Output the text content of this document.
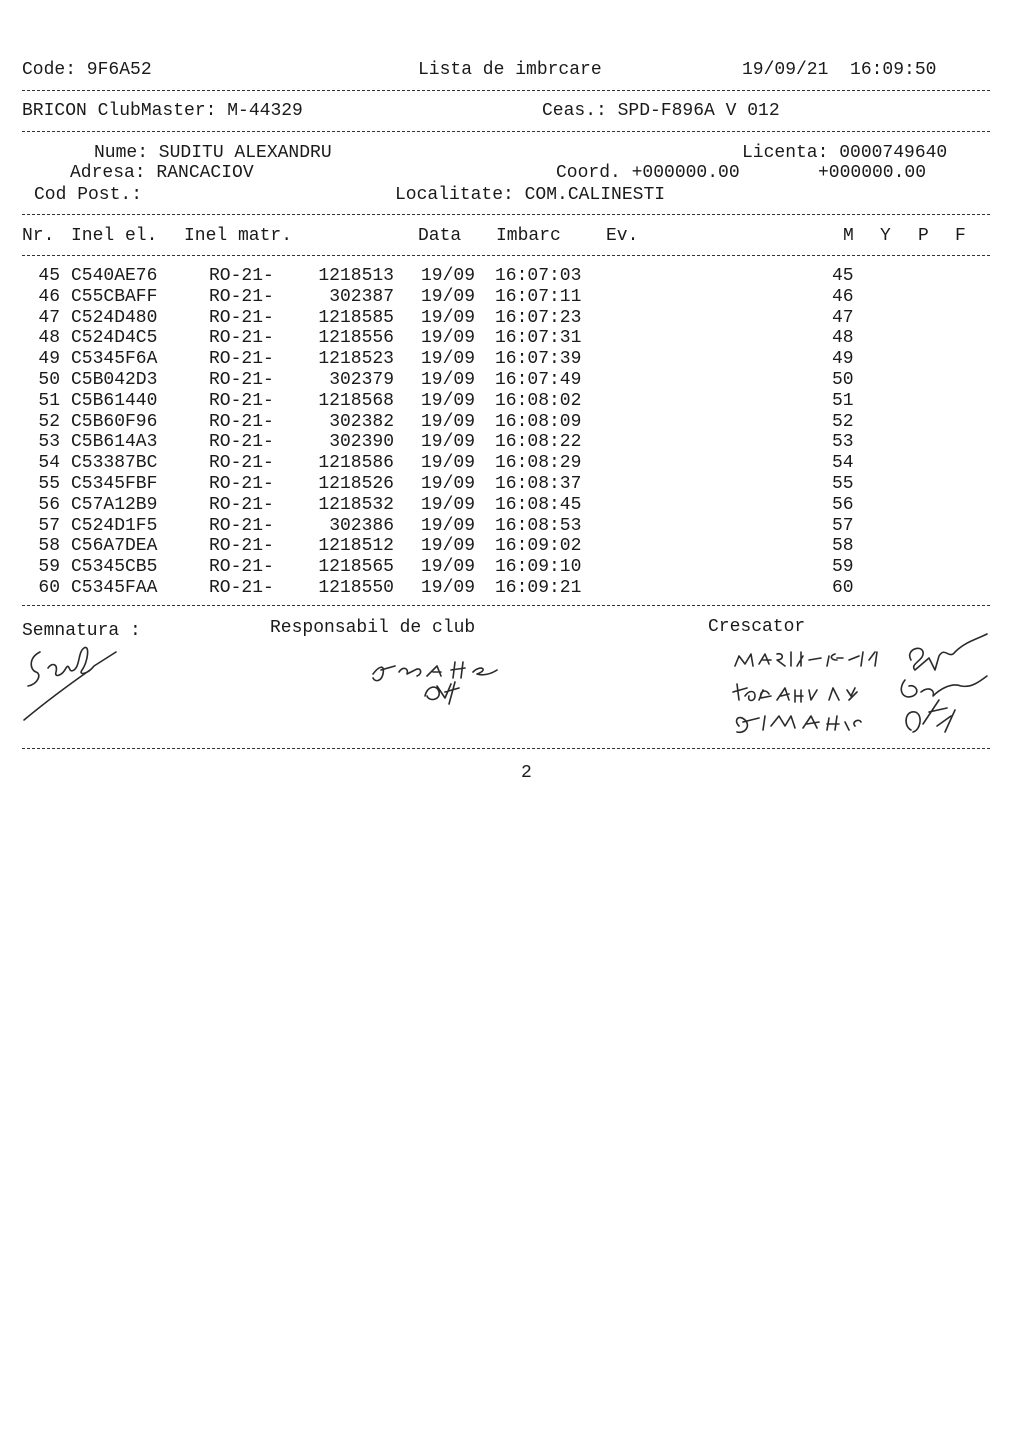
Code: 9F6A52	Lista de imbrcare	19/09/21  16:09:50
BRICON ClubMaster: M-44329	Ceas.: SPD-F896A V 012
Nume: SUDITU ALEXANDRU	Licenta: 0000749640
Adresa: RANCACIOV	Coord. +000000.00	+000000.00
Cod Post.:	Localitate: COM.CALINESTI
Nr. Inel el. Inel matr.	Data Imbarc	Ev.	M Y P F
45 C540AE76	RO-21-	1218513 19/09 16:07:03	45
46 C55CBAFF	RO-21-	302387 19/09 16:07:11	46
47 C524D480	RO-21-	1218585 19/09 16:07:23	47
48 C524D4C5	RO-21-	1218556 19/09 16:07:31	48
49 C5345F6A	RO-21-	1218523 19/09 16:07:39	49
50 C5B042D3	RO-21-	302379 19/09 16:07:49	50
51 C5B61440	RO-21-	1218568 19/09 16:08:02	51
52 C5B60F96	RO-21-	302382 19/09 16:08:09	52
53 C5B614A3	RO-21-	302390 19/09 16:08:22	53
54 C53387BC	RO-21-	1218586 19/09 16:08:29	54
55 C5345FBF	RO-21-	1218526 19/09 16:08:37	55
56 C57A12B9	RO-21-	1218532 19/09 16:08:45	56
57 C524D1F5	RO-21-	302386 19/09 16:08:53	57
58 C56A7DEA	RO-21-	1218512 19/09 16:09:02	58
59 C5345CB5	RO-21-	1218565 19/09 16:09:10	59
60 C5345FAA	RO-21-	1218550 19/09 16:09:21	60
Semnatura :	Responsabil de club	Crescator
2
